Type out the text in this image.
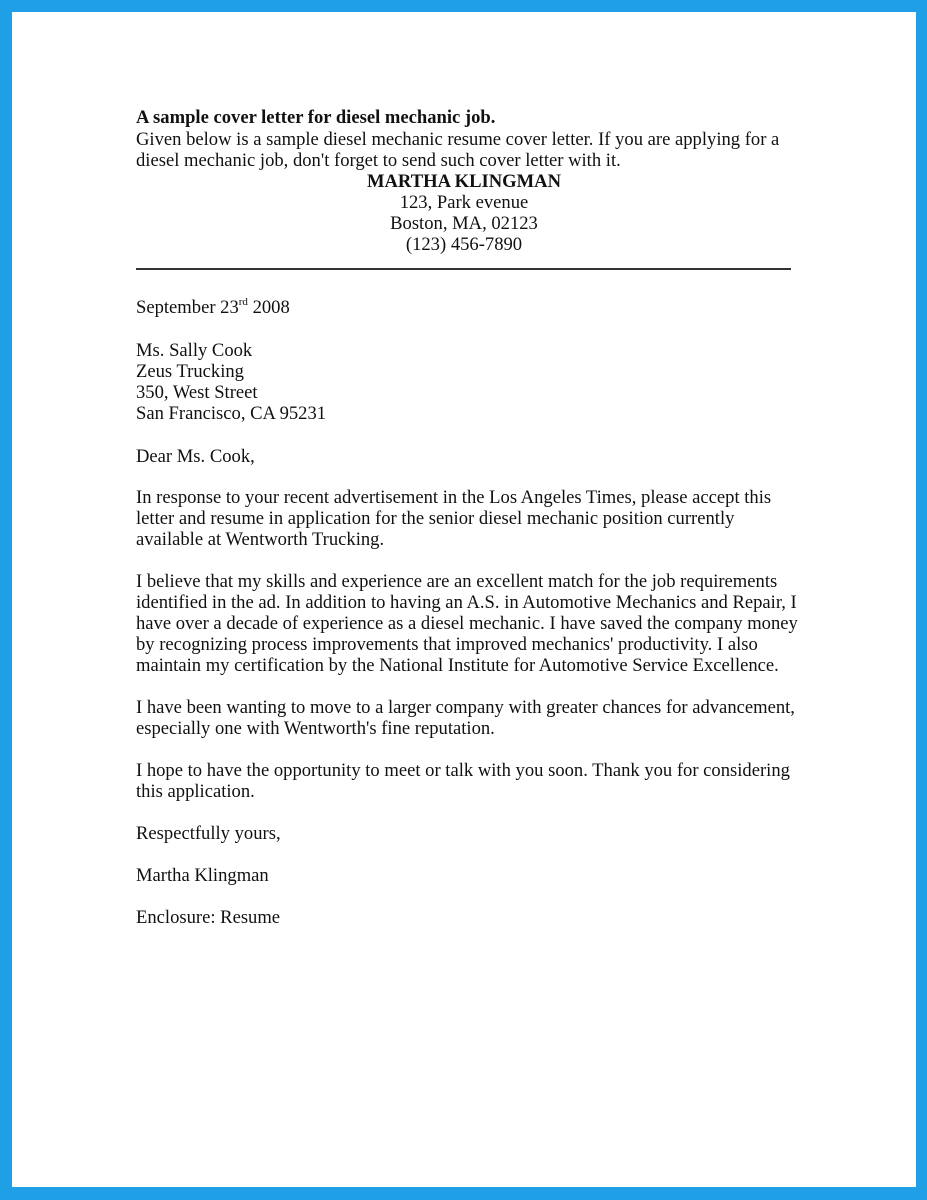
A sample cover letter for diesel mechanic job.

Given below is a sample diesel mechanic resume cover letter. If you are applying for a

diesel mechanic job, don't forget to send such cover letter with it.

MARTHA KLINGMAN
123, Park evenue
Boston, MA, 02123
(123) 456-7890

September 23rd 2008

Ms. Sally Cook

Zeus Trucking

350, West Street

San Francisco, CA 95231

Dear Ms. Cook,

In response to your recent advertisement in the Los Angeles Times, please accept this

letter and resume in application for the senior diesel mechanic position currently

available at Wentworth Trucking.

I believe that my skills and experience are an excellent match for the job requirements

identified in the ad. In addition to having an A.S. in Automotive Mechanics and Repair, I

have over a decade of experience as a diesel mechanic. I have saved the company money

by recognizing process improvements that improved mechanics' productivity. I also

maintain my certification by the National Institute for Automotive Service Excellence.

I have been wanting to move to a larger company with greater chances for advancement,

especially one with Wentworth's fine reputation.

I hope to have the opportunity to meet or talk with you soon. Thank you for considering

this application.

Respectfully yours,

Martha Klingman

Enclosure: Resume
